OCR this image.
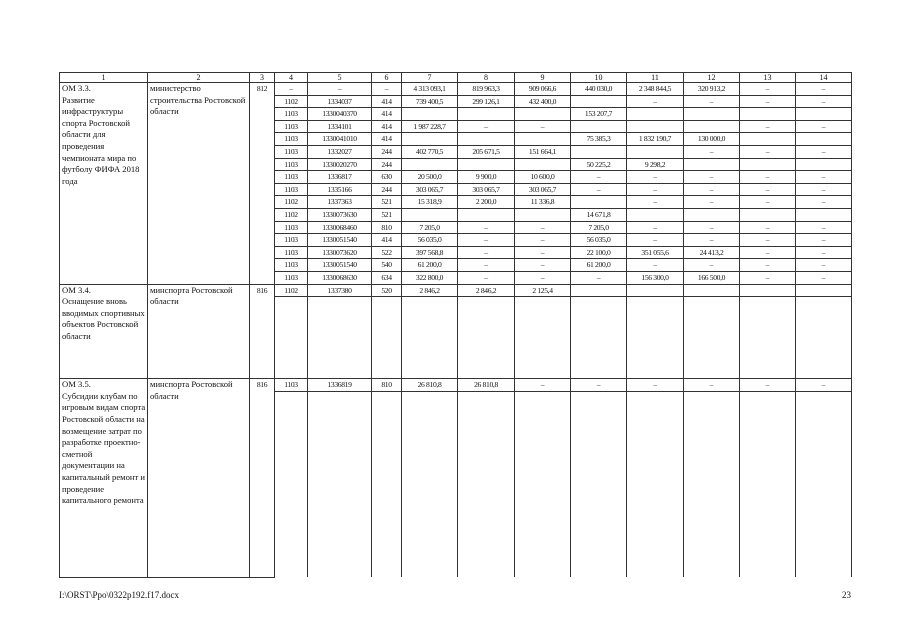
1	2	3	4	5	6	7	8	9	10	11	12	13	14
ОМ 3.3.
Развитие инфраструктуры спорта Ростовской области для проведения чемпионата мира по футболу ФИФА 2018 года	министерство строительства Ростовской области	812	–	–	–	4 313 093,1	819 963,3	909 066,6	440 030,0	2 348 844,5	320 913,2	–	–
			1102	1334037	414	739 400,5	299 126,1	432 400,0		–	–	–	–
			1103	1330040370	414				153 207,7				
			1103	1334101	414	1 987 228,7	–	–				–	–
			1103	1330041010	414				75 385,3	1 832 190,7	130 000,0		
			1103	1332027	244	402 770,5	205 671,5	151 664,1			–	–	–
			1103	1330020270	244				50 225,2	9 298,2			
			1103	1336817	630	20 500,0	9 900,0	10 600,0	–	–	–	–	–
			1103	1335166	244	303 065,7	303 065,7	303 065,7	–	–	–	–	–
			1102	1337363	521	15 318,9	2 200,0	11 336,8		–	–	–	–
			1102	1330073630	521				14 671,8				
			1103	1330068460	810	7 205,0	–	–	7 205,0	–	–	–	–
			1103	1330051540	414	56 035,0	–	–	56 035,0	–	–	–	–
			1103	1330073620	522	397 568,8	–	–	22 100,0	351 055,6	24 413,2	–	–
			1103	1330051540	540	61 200,0	–	–	61 200,0	–	–	–	–
			1103	1330068630	634	322 800,0	–	–	–	156 300,0	166 500,0	–	–
ОМ 3.4.
Оснащение вновь вводимых спортивных объектов Ростовской области	минспорта Ростовской области	816	1102	1337380	520	2 846,2	2 846,2	2 125,4					

ОМ 3.5.
Субсидии клубам по игровым видам спорта Ростовской области на возмещение затрат по разработке проектно-сметной документации на капитальный ремонт и проведение капитального ремонта	минспорта Ростовской области	816	1103	1336819	810	26 810,8	26 810,8	–	–	–	–	–	–

I:\ORST\Ppo\0322p192.f17.docx	23
